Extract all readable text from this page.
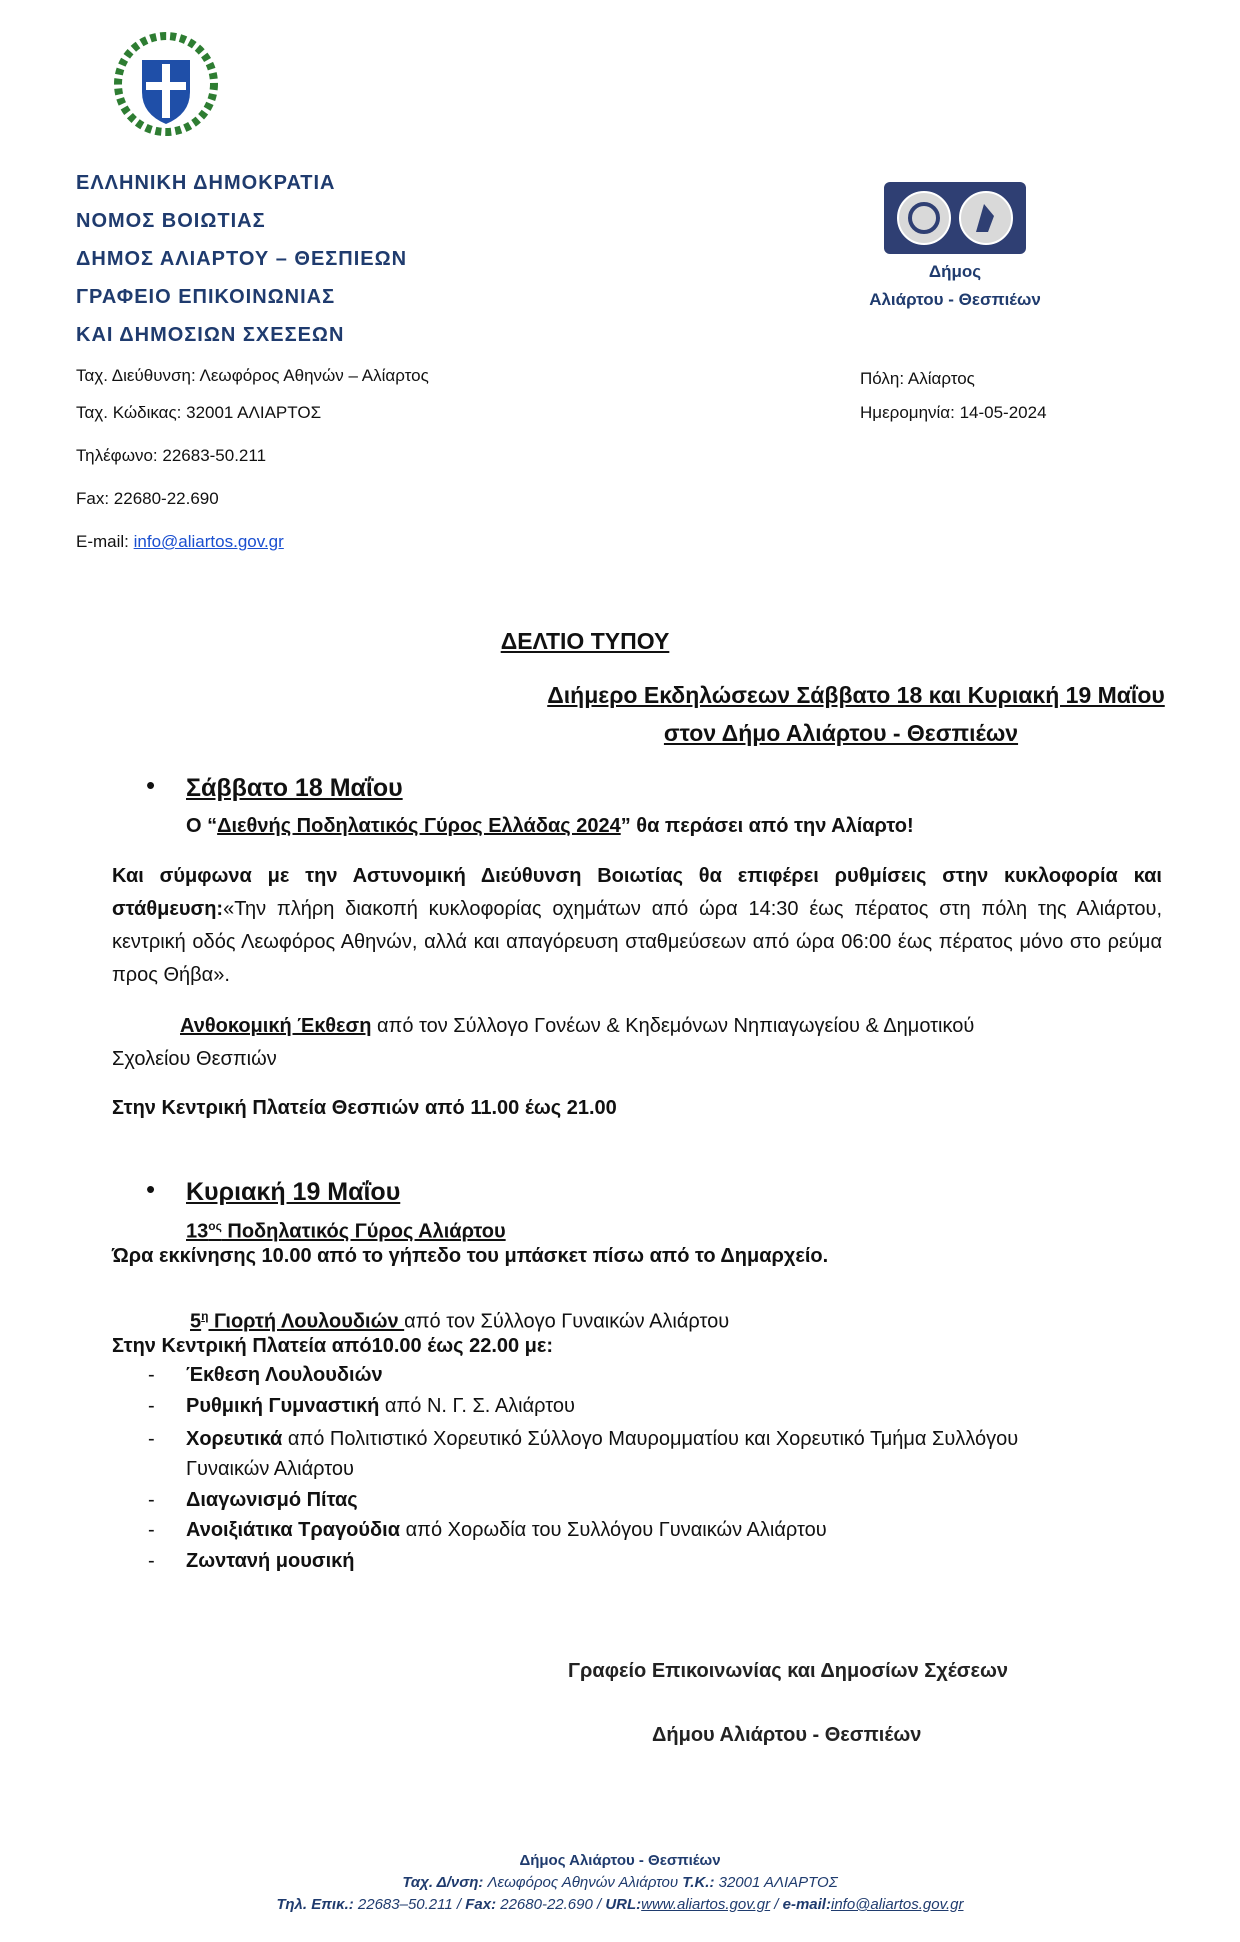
ΕΛΛΗΝΙΚΗ ΔΗΜΟΚΡΑΤΙΑ
ΝΟΜΟΣ ΒΟΙΩΤΙΑΣ
ΔΗΜΟΣ ΑΛΙΑΡΤΟΥ – ΘΕΣΠΙΕΩΝ
ΓΡΑΦΕΙΟ ΕΠΙΚΟΙΝΩΝΙΑΣ
ΚΑΙ ΔΗΜΟΣΙΩΝ ΣΧΕΣΕΩΝ
Ταχ. Διεύθυνση: Λεωφόρος Αθηνών – Αλίαρτος
Ταχ. Κώδικας: 32001 ΑΛΙΑΡΤΟΣ
Τηλέφωνο: 22683-50.211
Fax: 22680-22.690
E-mail: info@aliartos.gov.gr
Δήμος
Αλιάρτου - Θεσπιέων
Πόλη: Αλίαρτος
Ημερομηνία: 14-05-2024
ΔΕΛΤΙΟ ΤΥΠΟΥ
Διήμερο Εκδηλώσεων Σάββατο 18 και Κυριακή 19 Μαΐου
στον Δήμο Αλιάρτου - Θεσπιέων
• Σάββατο 18 Μαΐου
Ο “Διεθνής Ποδηλατικός Γύρος Ελλάδας 2024” θα περάσει από την Αλίαρτο!
Και σύμφωνα με την Αστυνομική Διεύθυνση Βοιωτίας θα επιφέρει ρυθμίσεις στην κυκλοφορία και στάθμευση:«Την πλήρη διακοπή κυκλοφορίας οχημάτων από ώρα 14:30 έως πέρατος στη πόλη της Αλιάρτου, κεντρική οδός Λεωφόρος Αθηνών, αλλά και απαγόρευση σταθμεύσεων από ώρα 06:00 έως πέρατος μόνο στο ρεύμα προς Θήβα».
Ανθοκομική Έκθεση από τον Σύλλογο Γονέων & Κηδεμόνων Νηπιαγωγείου & Δημοτικού
Σχολείου Θεσπιών
Στην Κεντρική Πλατεία Θεσπιών από 11.00 έως 21.00
• Κυριακή 19 Μαΐου
$13^{o\varsigma}$ Ποδηλατικός Γύρος Αλιάρτου
Ώρα εκκίνησης 10.00 από το γήπεδο του μπάσκετ πίσω από το Δημαρχείο.
$5^\eta$ Γιορτή Λουλουδιών από τον Σύλλογο Γυναικών Αλιάρτου
Στην Κεντρική Πλατεία από10.00 έως 22.00 με:
- Έκθεση Λουλουδιών
- Ρυθμική Γυμναστική από Ν. Γ. Σ. Αλιάρτου
- Χορευτικά από Πολιτιστικό Χορευτικό Σύλλογο Μαυρομματίου και Χορευτικό Τμήμα Συλλόγου
Γυναικών Αλιάρτου
- Διαγωνισμό Πίτας
- Ανοιξιάτικα Τραγούδια από Χορωδία του Συλλόγου Γυναικών Αλιάρτου
- Ζωντανή μουσική
Γραφείο Επικοινωνίας και Δημοσίων Σχέσεων
Δήμου Αλιάρτου - Θεσπιέων
Δήμος Αλιάρτου - Θεσπιέων
Ταχ. Δ/νση: Λεωφόρος Αθηνών Αλιάρτου Τ.Κ.: 32001 ΑΛΙΑΡΤΟΣ
Τηλ. Επικ.: 22683–50.211 / Fax: 22680-22.690 / URL:www.aliartos.gov.gr / e-mail:info@aliartos.gov.gr
